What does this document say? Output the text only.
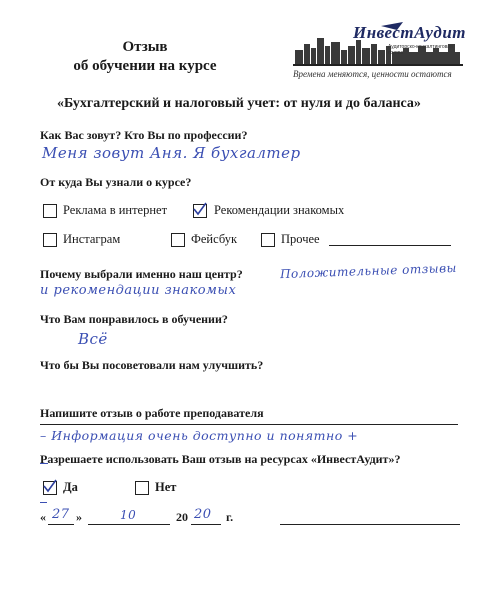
Отзыв
об обучении на курсе
ИнвестАудит
Аудиторско-консалтинговая группа
Времена меняются, ценности остаются
«Бухгалтерский и налоговый учет: от нуля и до баланса»
Как Вас зовут? Кто Вы по профессии?
Меня зовут Аня. Я бухгалтер
От куда Вы узнали о курсе?
Реклама в интернет	Рекомендации знакомых
Инстаграм	Фейсбук	Прочее
Почему выбрали именно наш центр?	Положительные отзывы
и рекомендации знакомых
Что Вам понравилось в обучении?
Всё
Что бы Вы посоветовали нам улучшить?
Напишите отзыв о работе преподавателя
– Информация очень доступно и понятно +
Разрешаете использовать Ваш отзыв на ресурсах «ИнвестАудит»?
Да	Нет
« 27 »	10	20 20 г.
